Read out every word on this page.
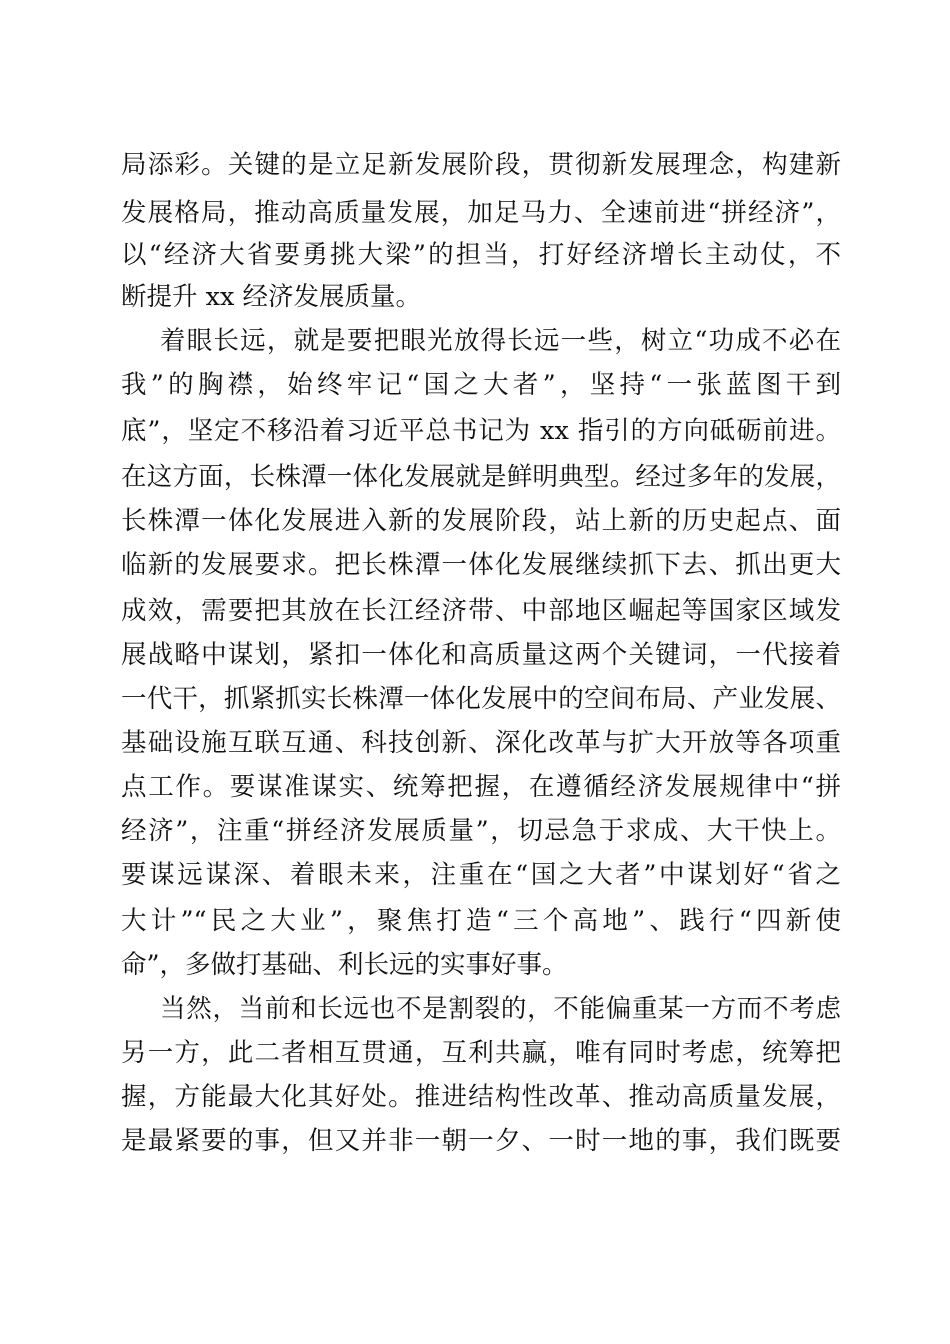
局添彩。关键的是立足新发展阶段，贯彻新发展理念，构建新

发展格局，推动高质量发展，加足马力、全速前进“拼经济”，

以“经济大省要勇挑大梁”的担当，打好经济增长主动仗，不

断提升 xx 经济发展质量。

着眼长远，就是要把眼光放得长远一些，树立“功成不必在

我”的胸襟，始终牢记“国之大者”，坚持“一张蓝图干到

底”，坚定不移沿着习近平总书记为 xx 指引的方向砥砺前进。

在这方面，长株潭一体化发展就是鲜明典型。经过多年的发展，

长株潭一体化发展进入新的发展阶段，站上新的历史起点、面

临新的发展要求。把长株潭一体化发展继续抓下去、抓出更大

成效，需要把其放在长江经济带、中部地区崛起等国家区域发

展战略中谋划，紧扣一体化和高质量这两个关键词，一代接着

一代干，抓紧抓实长株潭一体化发展中的空间布局、产业发展、

基础设施互联互通、科技创新、深化改革与扩大开放等各项重

点工作。要谋准谋实、统筹把握，在遵循经济发展规律中“拼

经济”，注重“拼经济发展质量”，切忌急于求成、大干快上。

要谋远谋深、着眼未来，注重在“国之大者”中谋划好“省之

大计”“民之大业”，聚焦打造“三个高地”、践行“四新使

命”，多做打基础、利长远的实事好事。

当然，当前和长远也不是割裂的，不能偏重某一方而不考虑

另一方，此二者相互贯通，互利共赢，唯有同时考虑，统筹把

握，方能最大化其好处。推进结构性改革、推动高质量发展，

是最紧要的事，但又并非一朝一夕、一时一地的事，我们既要
